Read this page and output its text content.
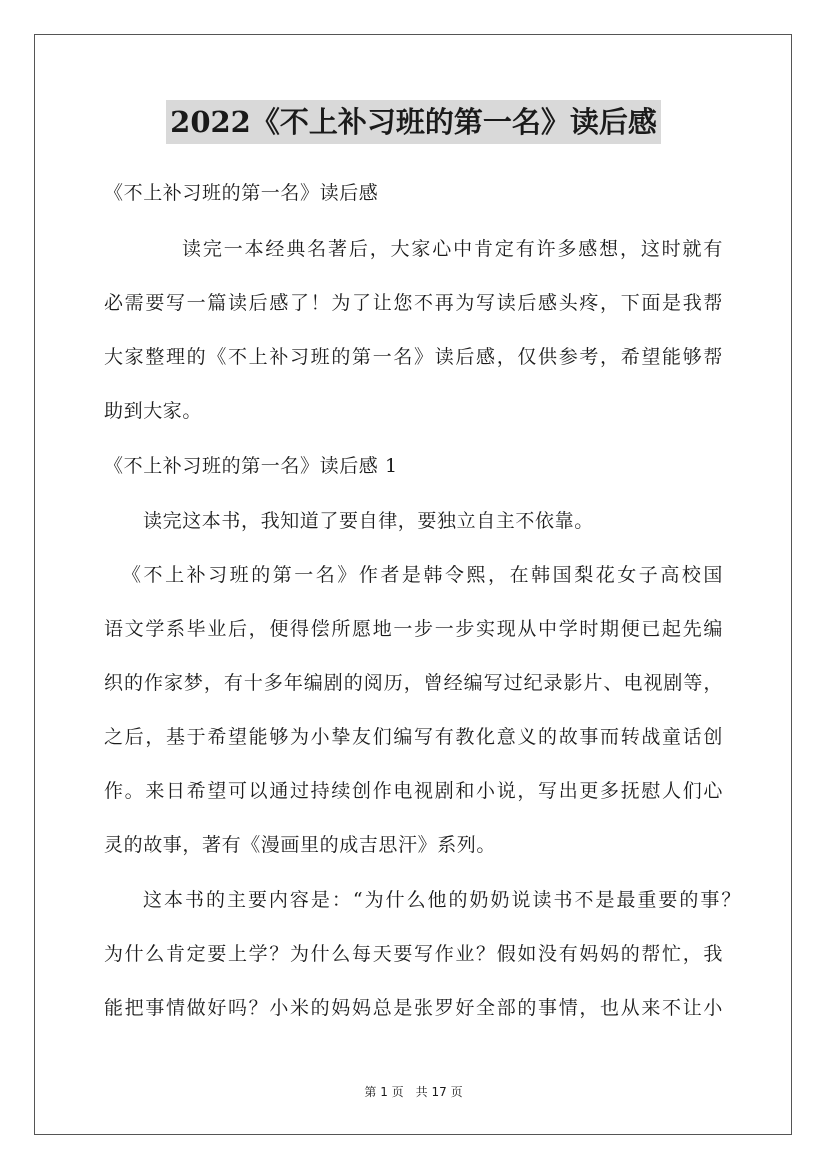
2022《不上补习班的第一名》读后感
《不上补习班的第一名》读后感
读完一本经典名著后，大家心中肯定有许多感想，这时就有
必需要写一篇读后感了！为了让您不再为写读后感头疼，下面是我帮
大家整理的《不上补习班的第一名》读后感，仅供参考，希望能够帮
助到大家。
《不上补习班的第一名》读后感 1
读完这本书，我知道了要自律，要独立自主不依靠。
《不上补习班的第一名》作者是韩令熙，在韩国梨花女子高校国
语文学系毕业后，便得偿所愿地一步一步实现从中学时期便已起先编
织的作家梦，有十多年编剧的阅历，曾经编写过纪录影片、电视剧等，
之后，基于希望能够为小挚友们编写有教化意义的故事而转战童话创
作。来日希望可以通过持续创作电视剧和小说，写出更多抚慰人们心
灵的故事，著有《漫画里的成吉思汗》系列。
这本书的主要内容是：“为什么他的奶奶说读书不是最重要的事？
为什么肯定要上学？为什么每天要写作业？假如没有妈妈的帮忙，我
能把事情做好吗？小米的妈妈总是张罗好全部的事情，也从来不让小
第 1 页　共 17 页
